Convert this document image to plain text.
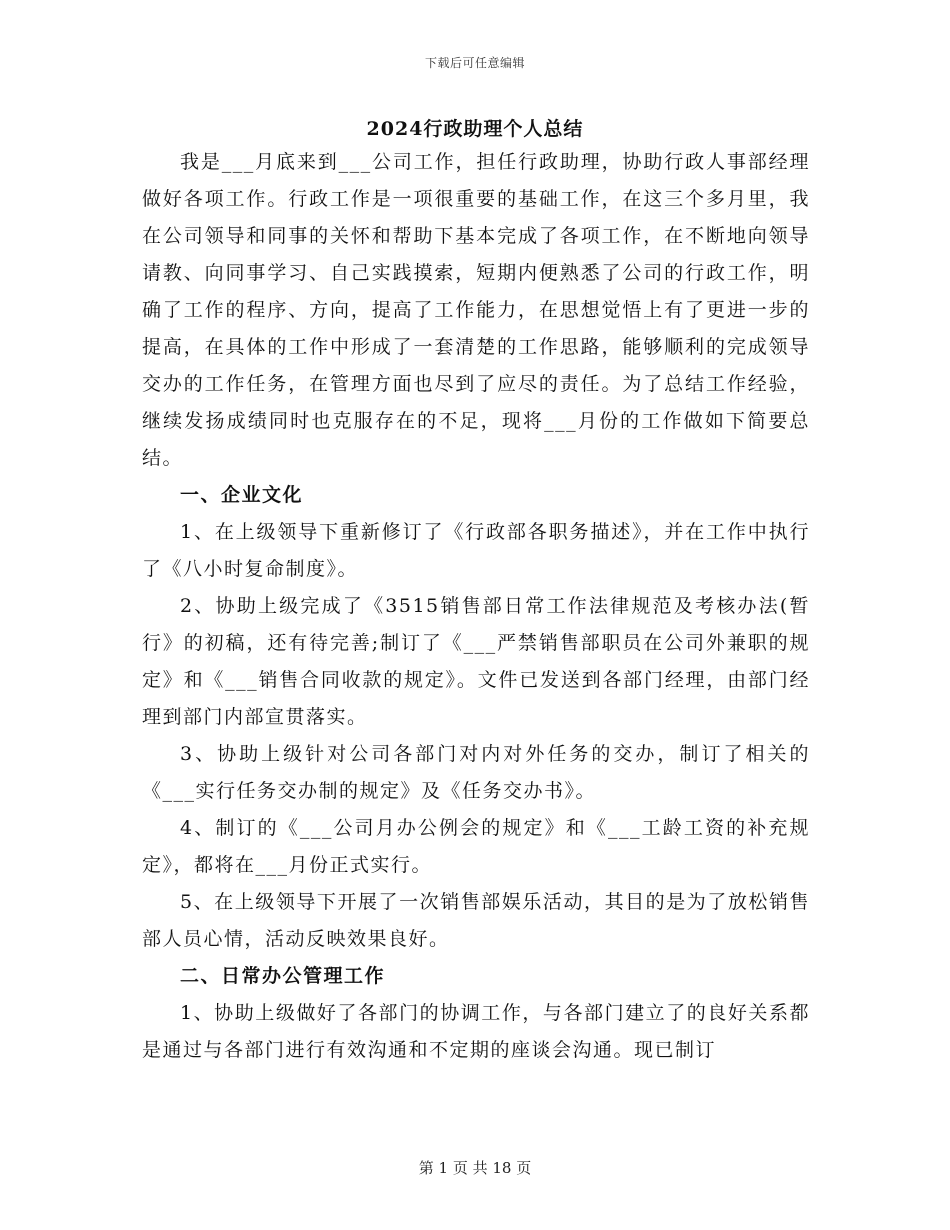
下载后可任意编辑
2024行政助理个人总结

我是___月底来到___公司工作，担任行政助理，协助行政人事部经理做好各项工作。行政工作是一项很重要的基础工作，在这三个多月里，我在公司领导和同事的关怀和帮助下基本完成了各项工作，在不断地向领导请教、向同事学习、自己实践摸索，短期内便熟悉了公司的行政工作，明确了工作的程序、方向，提高了工作能力，在思想觉悟上有了更进一步的提高，在具体的工作中形成了一套清楚的工作思路，能够顺利的完成领导交办的工作任务，在管理方面也尽到了应尽的责任。为了总结工作经验，继续发扬成绩同时也克服存在的不足，现将___月份的工作做如下简要总结。

一、企业文化

1、在上级领导下重新修订了《行政部各职务描述》，并在工作中执行了《八小时复命制度》。

2、协助上级完成了《3515销售部日常工作法律规范及考核办法(暂行》的初稿，还有待完善;制订了《___严禁销售部职员在公司外兼职的规定》和《___销售合同收款的规定》。文件已发送到各部门经理，由部门经理到部门内部宣贯落实。

3、协助上级针对公司各部门对内对外任务的交办，制订了相关的《___实行任务交办制的规定》及《任务交办书》。

4、制订的《___公司月办公例会的规定》和《___工龄工资的补充规定》，都将在___月份正式实行。

5、在上级领导下开展了一次销售部娱乐活动，其目的是为了放松销售部人员心情，活动反映效果良好。

二、日常办公管理工作

1、协助上级做好了各部门的协调工作，与各部门建立了的良好关系都是通过与各部门进行有效沟通和不定期的座谈会沟通。现已制订

第 1 页 共 18 页
